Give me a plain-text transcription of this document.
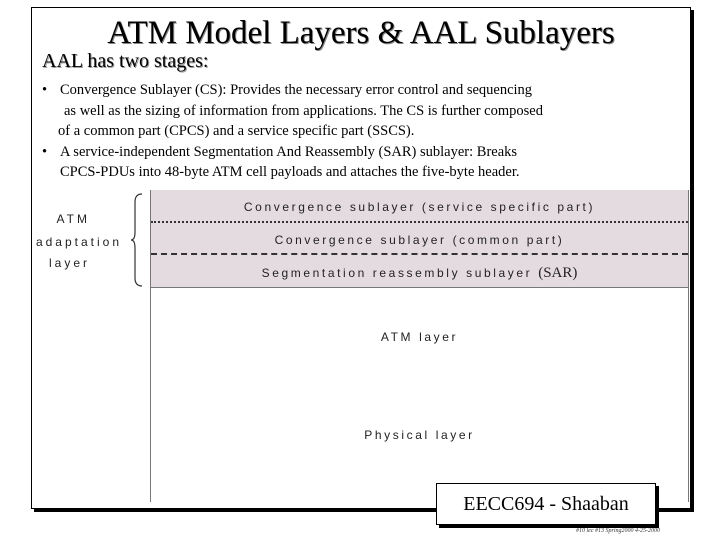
ATM Model Layers & AAL Sublayers
AAL has two stages:
• Convergence Sublayer (CS): Provides the necessary error control and sequencing
as well as the sizing of information from applications. The CS is further composed
of a common part (CPCS) and a service specific part (SSCS).
• A service-independent Segmentation And Reassembly (SAR) sublayer: Breaks
CPCS-PDUs into 48-byte ATM cell payloads and attaches the five-byte header.
ATM
adaptation
layer
Convergence sublayer (service specific part)
Convergence sublayer (common part)
Segmentation reassembly sublayer (SAR)
ATM layer
Physical layer
EECC694 - Shaaban
#10 lec #13 Spring2000 4-25-2000
